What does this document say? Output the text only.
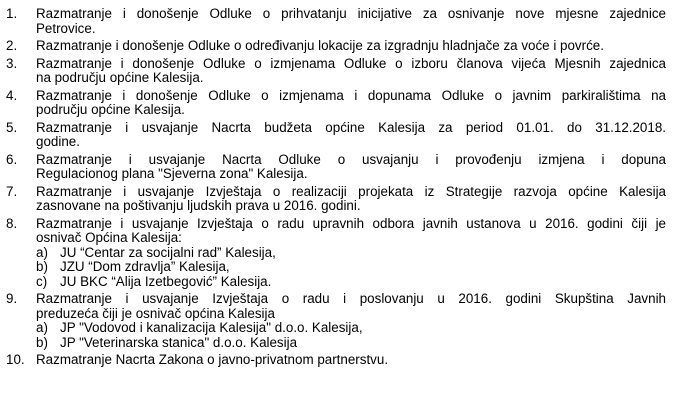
1. Razmatranje i donošenje Odluke o prihvatanju inicijative za osnivanje nove mjesne zajednice
Petrovice.
2. Razmatranje i donošenje Odluke o određivanju lokacije za izgradnju hladnjače za voće i povrće.
3. Razmatranje i donošenje Odluke o izmjenama Odluke o izboru članova vijeća Mjesnih zajednica
na području općine Kalesija.
4. Razmatranje i donošenje Odluke o izmjenama i dopunama Odluke o javnim parkiralištima na
području općine Kalesija.
5. Razmatranje i usvajanje Nacrta budžeta općine Kalesija za period 01.01. do 31.12.2018.
godine.
6. Razmatranje i usvajanje Nacrta Odluke o usvajanju i provođenju izmjena i dopuna
Regulacionog plana "Sjeverna zona" Kalesija.
7. Razmatranje i usvajanje Izvještaja o realizaciji projekata iz Strategije razvoja općine Kalesija
zasnovane na poštivanju ljudskih prava u 2016. godini.
8. Razmatranje i usvajanje Izvještaja o radu upravnih odbora javnih ustanova u 2016. godini čiji je
osnivač Općina Kalesija:
a) JU “Centar za socijalni rad” Kalesija,
b) JZU “Dom zdravlja” Kalesija,
c) JU BKC “Alija Izetbegović” Kalesija.
9. Razmatranje i usvajanje Izvještaja o radu i poslovanju u 2016. godini Skupština Javnih
preduzeća čiji je osnivač općina Kalesija
a) JP "Vodovod i kanalizacija Kalesija" d.o.o. Kalesija,
b) JP "Veterinarska stanica" d.o.o. Kalesija
10. Razmatranje Nacrta Zakona o javno-privatnom partnerstvu.
